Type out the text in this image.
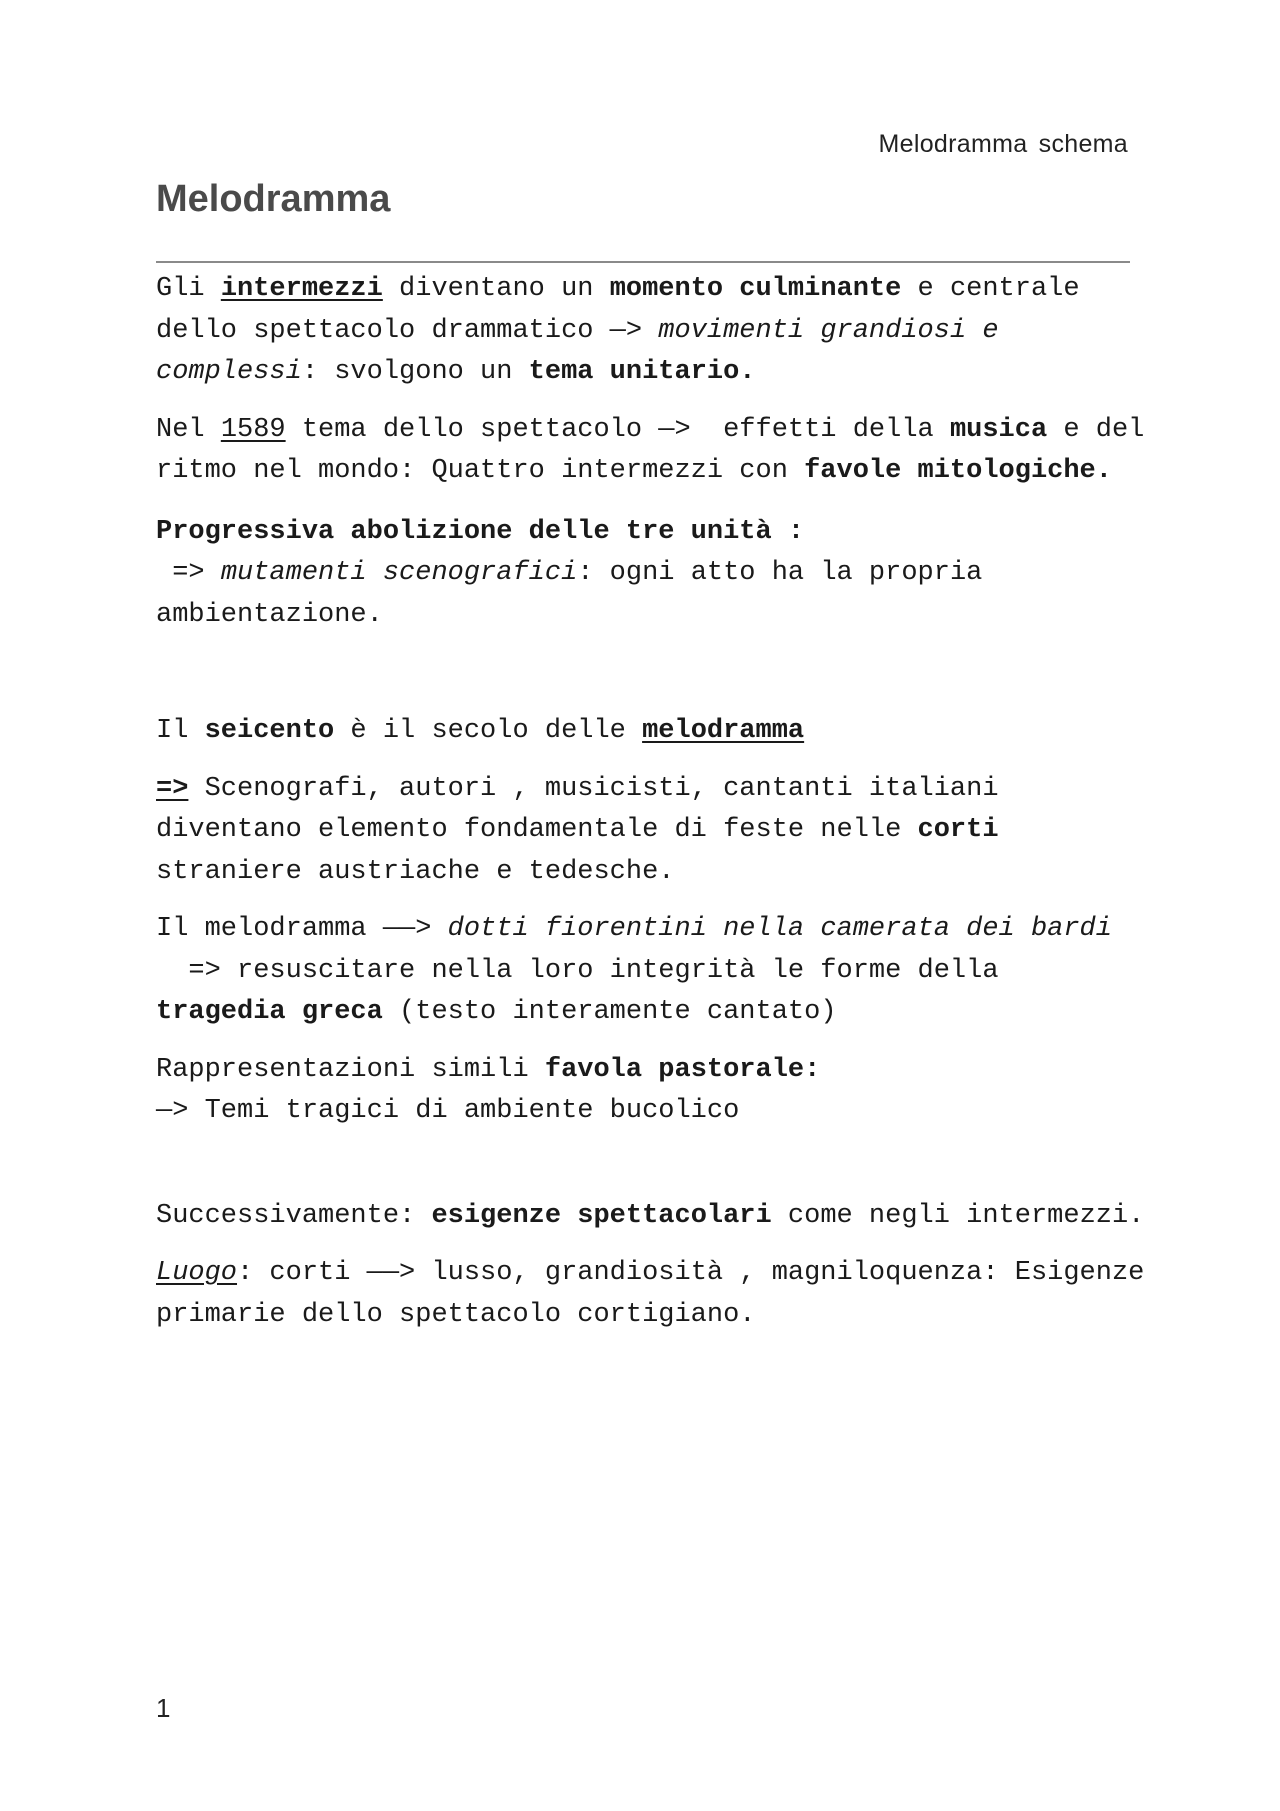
Melodramma schema
Melodramma

Gli intermezzi diventano un momento culminante e centrale dello spettacolo drammatico —> movimenti grandiosi e complessi: svolgono un tema unitario.

Nel 1589 tema dello spettacolo —>  effetti della musica e del ritmo nel mondo: Quattro intermezzi con favole mitologiche.

Progressiva abolizione delle tre unità :
=> mutamenti scenografici: ogni atto ha la propria ambientazione.

Il seicento è il secolo delle melodramma

=> Scenografi, autori , musicisti, cantanti italiani diventano elemento fondamentale di feste nelle corti straniere austriache e tedesche.

Il melodramma ——> dotti fiorentini nella camerata dei bardi
=> resuscitare nella loro integrità le forme della
tragedia greca (testo interamente cantato)

Rappresentazioni simili favola pastorale:
—> Temi tragici di ambiente bucolico

Successivamente: esigenze spettacolari come negli intermezzi.

Luogo: corti ——> lusso, grandiosità , magniloquenza: Esigenze primarie dello spettacolo cortigiano.

1
